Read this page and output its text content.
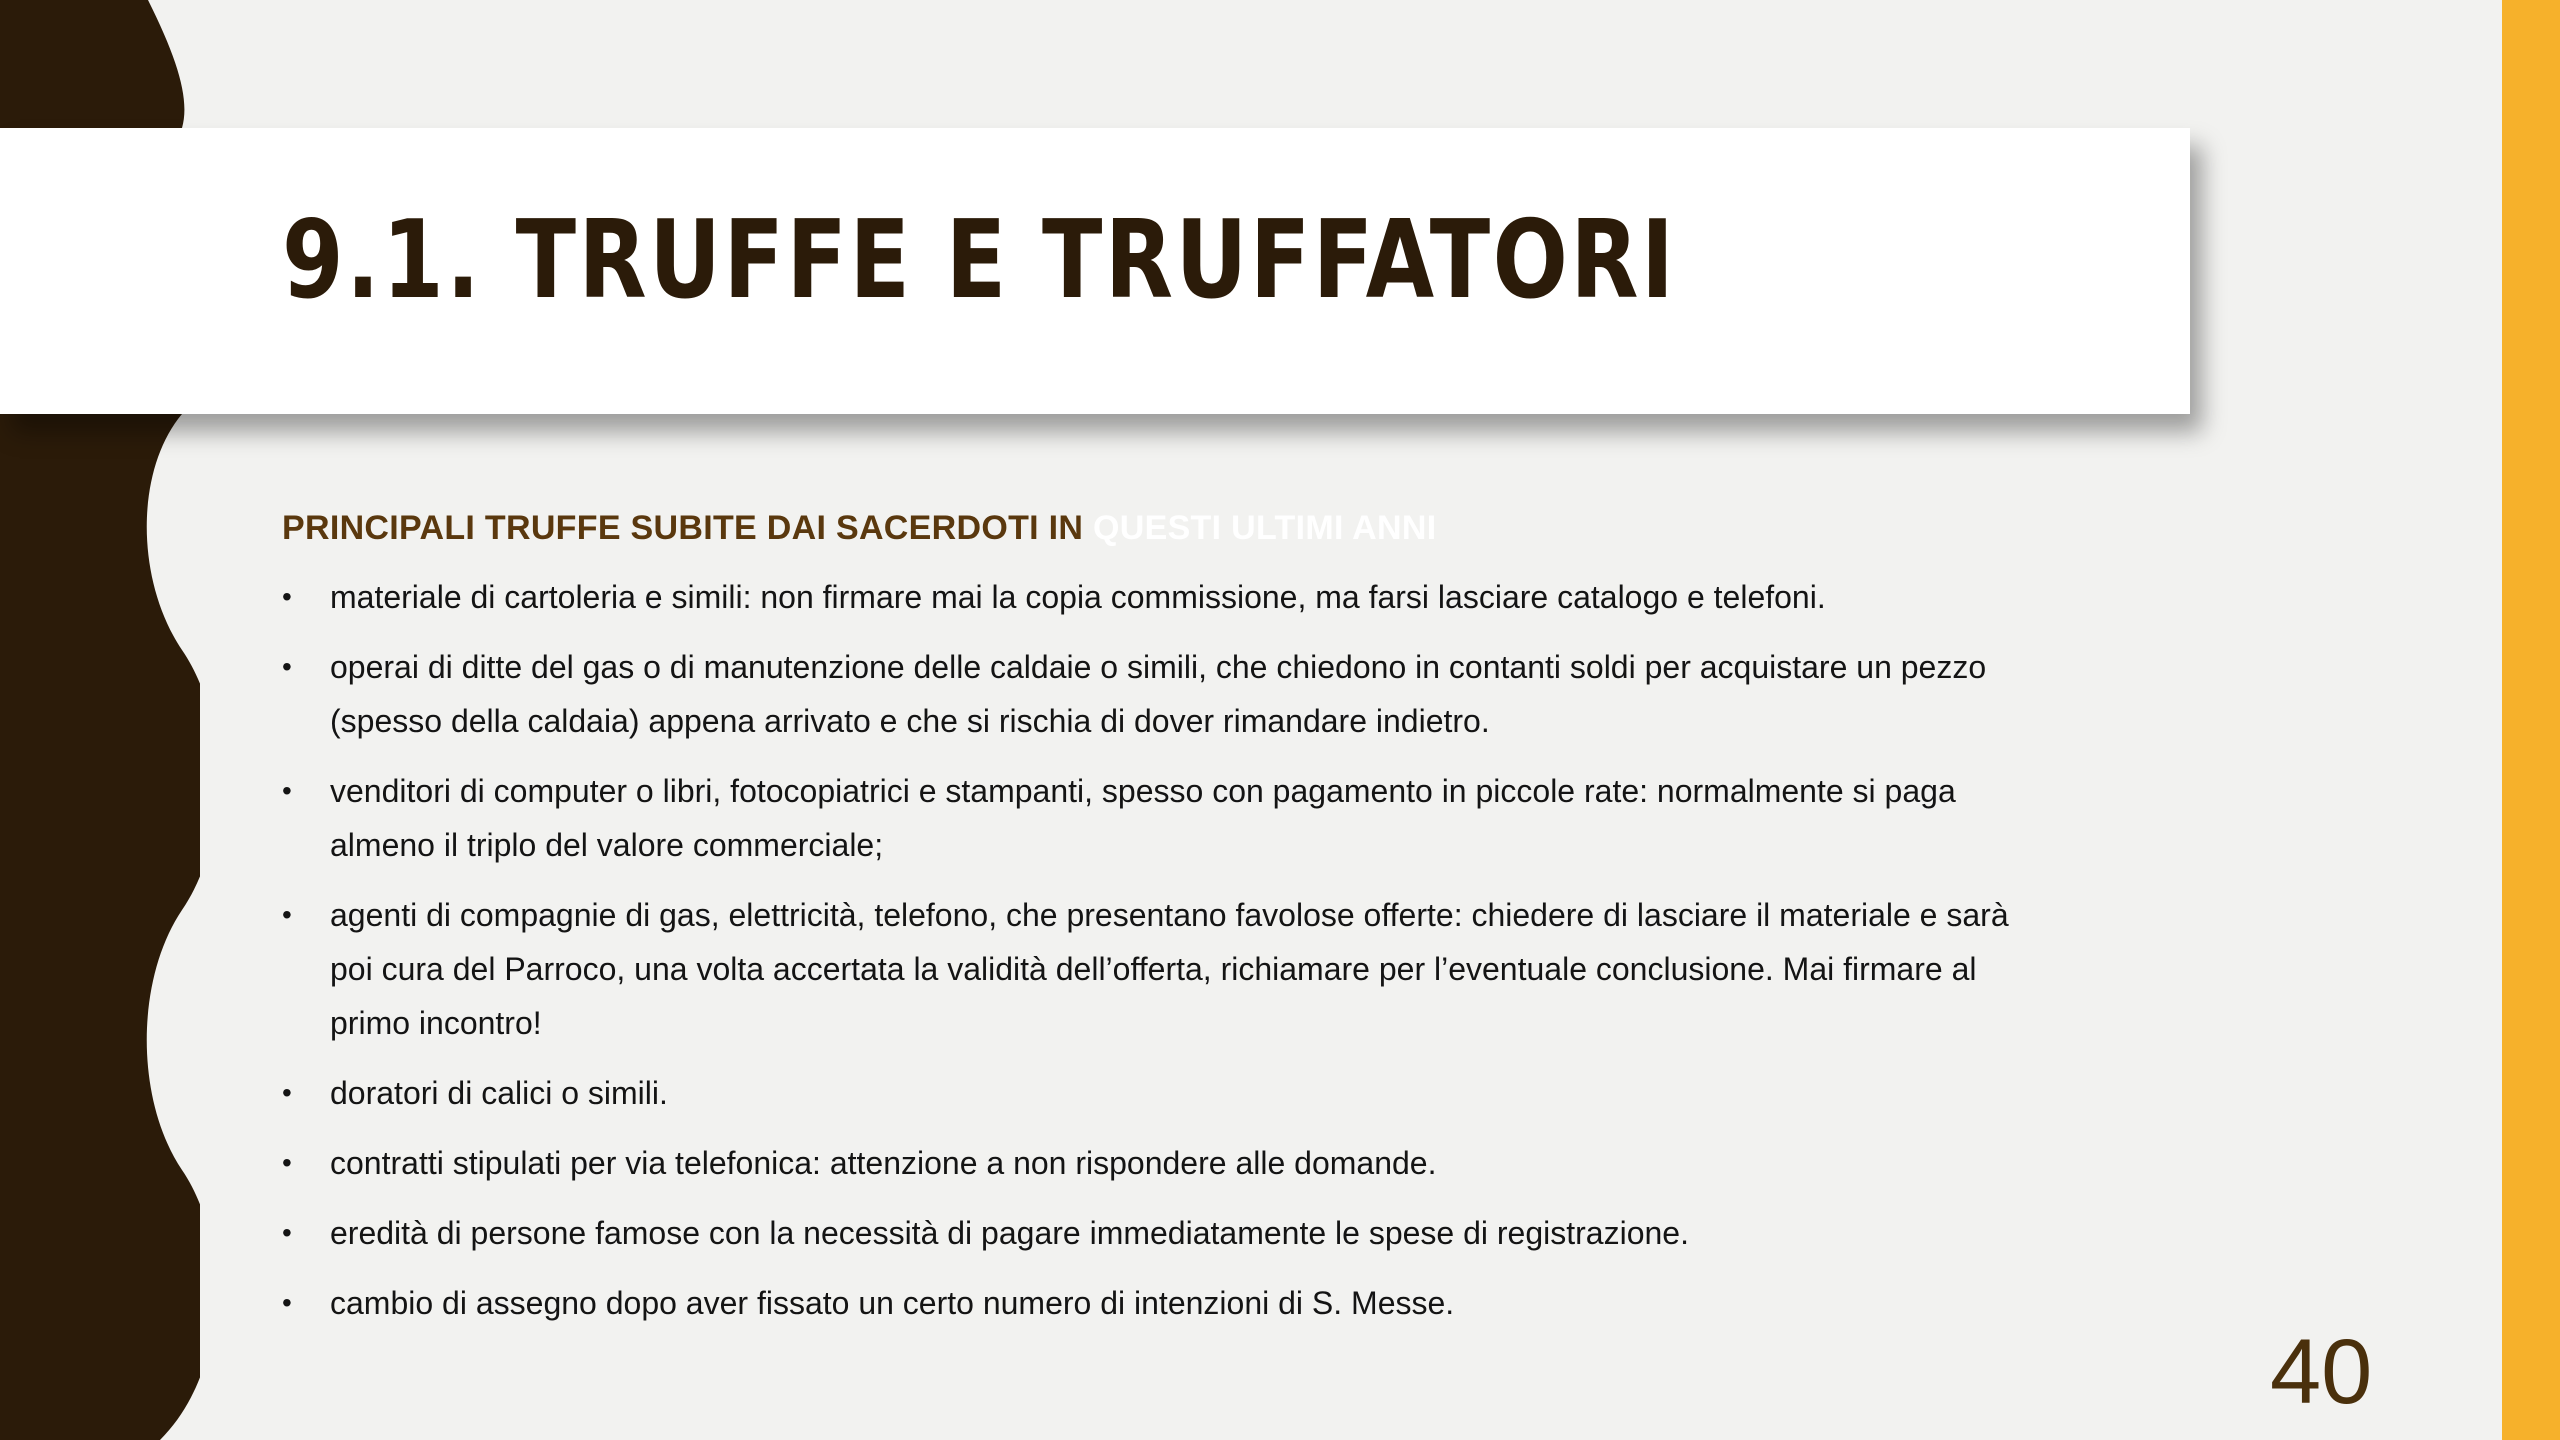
9.1. TRUFFE E TRUFFATORI

PRINCIPALI TRUFFE SUBITE DAI SACERDOTI IN QUESTI ULTIMI ANNI

• materiale di cartoleria e simili: non firmare mai la copia commissione, ma farsi lasciare catalogo e telefoni.
• operai di ditte del gas o di manutenzione delle caldaie o simili, che chiedono in contanti soldi per acquistare un pezzo (spesso della caldaia) appena arrivato e che si rischia di dover rimandare indietro.
• venditori di computer o libri, fotocopiatrici e stampanti, spesso con pagamento in piccole rate: normalmente si paga almeno il triplo del valore commerciale;
• agenti di compagnie di gas, elettricità, telefono, che presentano favolose offerte: chiedere di lasciare il materiale e sarà poi cura del Parroco, una volta accertata la validità dell’offerta, richiamare per l’eventuale conclusione. Mai firmare al primo incontro!
• doratori di calici o simili.
• contratti stipulati per via telefonica: attenzione a non rispondere alle domande.
• eredità di persone famose con la necessità di pagare immediatamente le spese di registrazione.
• cambio di assegno dopo aver fissato un certo numero di intenzioni di S. Messe.
40
